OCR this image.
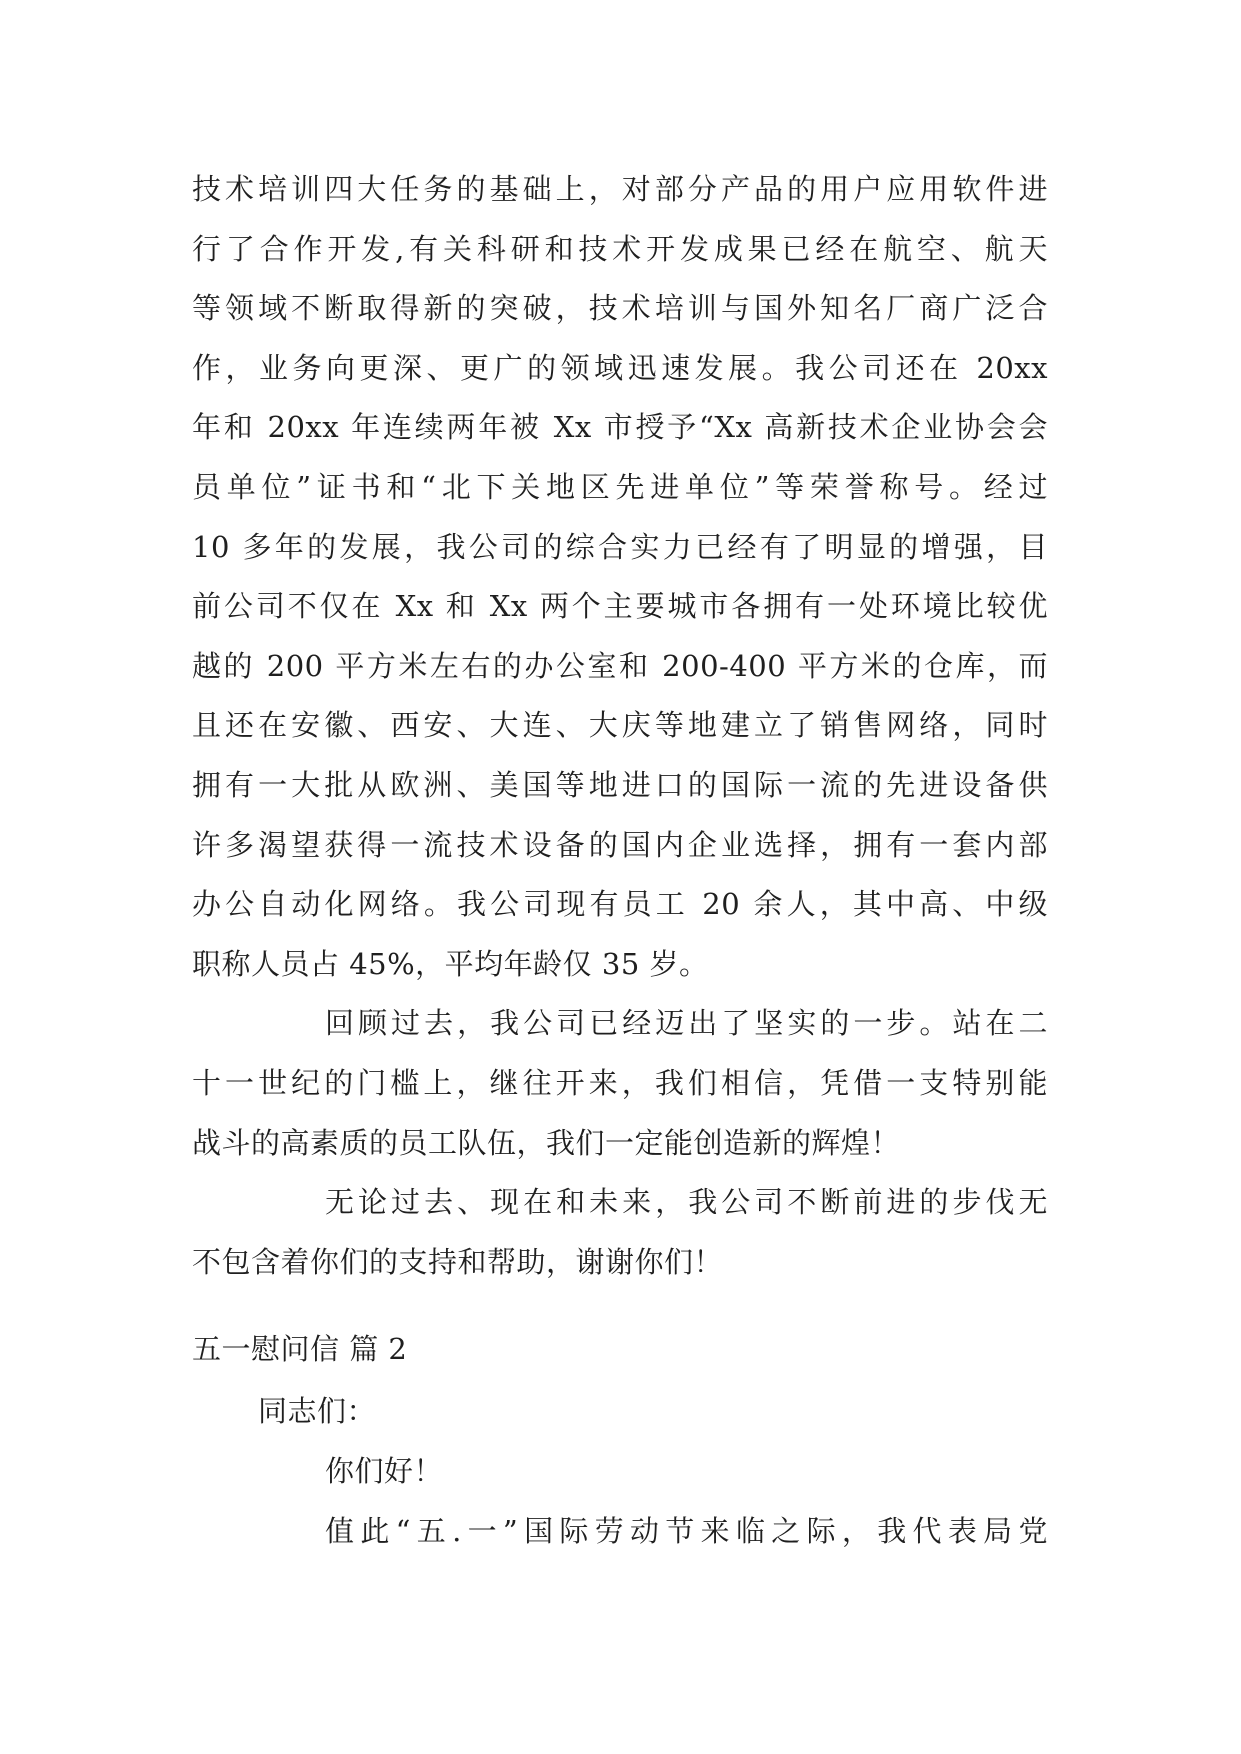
技术培训四大任务的基础上，对部分产品的用户应用软件进
行了合作开发,有关科研和技术开发成果已经在航空、航天
等领域不断取得新的突破，技术培训与国外知名厂商广泛合
作，业务向更深、更广的领域迅速发展。我公司还在 20xx
年和 20xx 年连续两年被 Xx 市授予“Xx 高新技术企业协会会
员单位”证书和“北下关地区先进单位”等荣誉称号。经过
10 多年的发展，我公司的综合实力已经有了明显的增强，目
前公司不仅在 Xx 和 Xx 两个主要城市各拥有一处环境比较优
越的 200 平方米左右的办公室和 200-400 平方米的仓库，而
且还在安徽、西安、大连、大庆等地建立了销售网络，同时
拥有一大批从欧洲、美国等地进口的国际一流的先进设备供
许多渴望获得一流技术设备的国内企业选择，拥有一套内部
办公自动化网络。我公司现有员工 20 余人，其中高、中级
职称人员占 45%，平均年龄仅 35 岁。
回顾过去，我公司已经迈出了坚实的一步。站在二
十一世纪的门槛上，继往开来，我们相信，凭借一支特别能
战斗的高素质的员工队伍，我们一定能创造新的辉煌！
无论过去、现在和未来，我公司不断前进的步伐无
不包含着你们的支持和帮助，谢谢你们！
五一慰问信 篇 2
同志们：
你们好！
值此“五.一”国际劳动节来临之际，我代表局党
